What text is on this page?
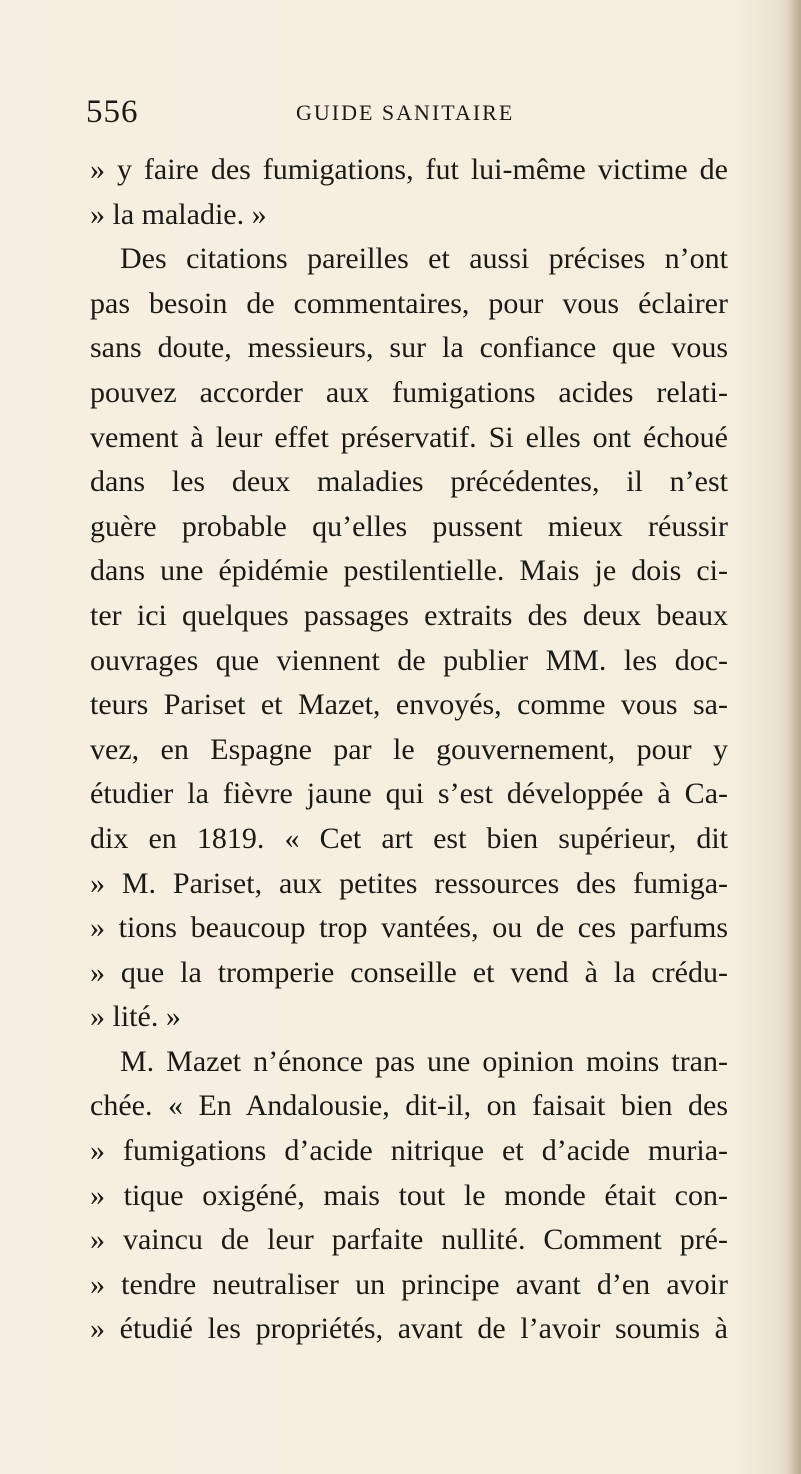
556	GUIDE SANITAIRE
» y faire des fumigations, fut lui-même victime de
» la maladie. »
Des citations pareilles et aussi précises n’ont
pas besoin de commentaires, pour vous éclairer
sans doute, messieurs, sur la confiance que vous
pouvez accorder aux fumigations acides relati-
vement à leur effet préservatif. Si elles ont échoué
dans les deux maladies précédentes, il n’est
guère probable qu’elles pussent mieux réussir
dans une épidémie pestilentielle. Mais je dois ci-
ter ici quelques passages extraits des deux beaux
ouvrages que viennent de publier MM. les doc-
teurs Pariset et Mazet, envoyés, comme vous sa-
vez, en Espagne par le gouvernement, pour y
étudier la fièvre jaune qui s’est développée à Ca-
dix en 1819. « Cet art est bien supérieur, dit
» M. Pariset, aux petites ressources des fumiga-
» tions beaucoup trop vantées, ou de ces parfums
» que la tromperie conseille et vend à la crédu-
» lité. »
M. Mazet n’énonce pas une opinion moins tran-
chée. « En Andalousie, dit-il, on faisait bien des
» fumigations d’acide nitrique et d’acide muria-
» tique oxigéné, mais tout le monde était con-
» vaincu de leur parfaite nullité. Comment pré-
» tendre neutraliser un principe avant d’en avoir
» étudié les propriétés, avant de l’avoir soumis à
